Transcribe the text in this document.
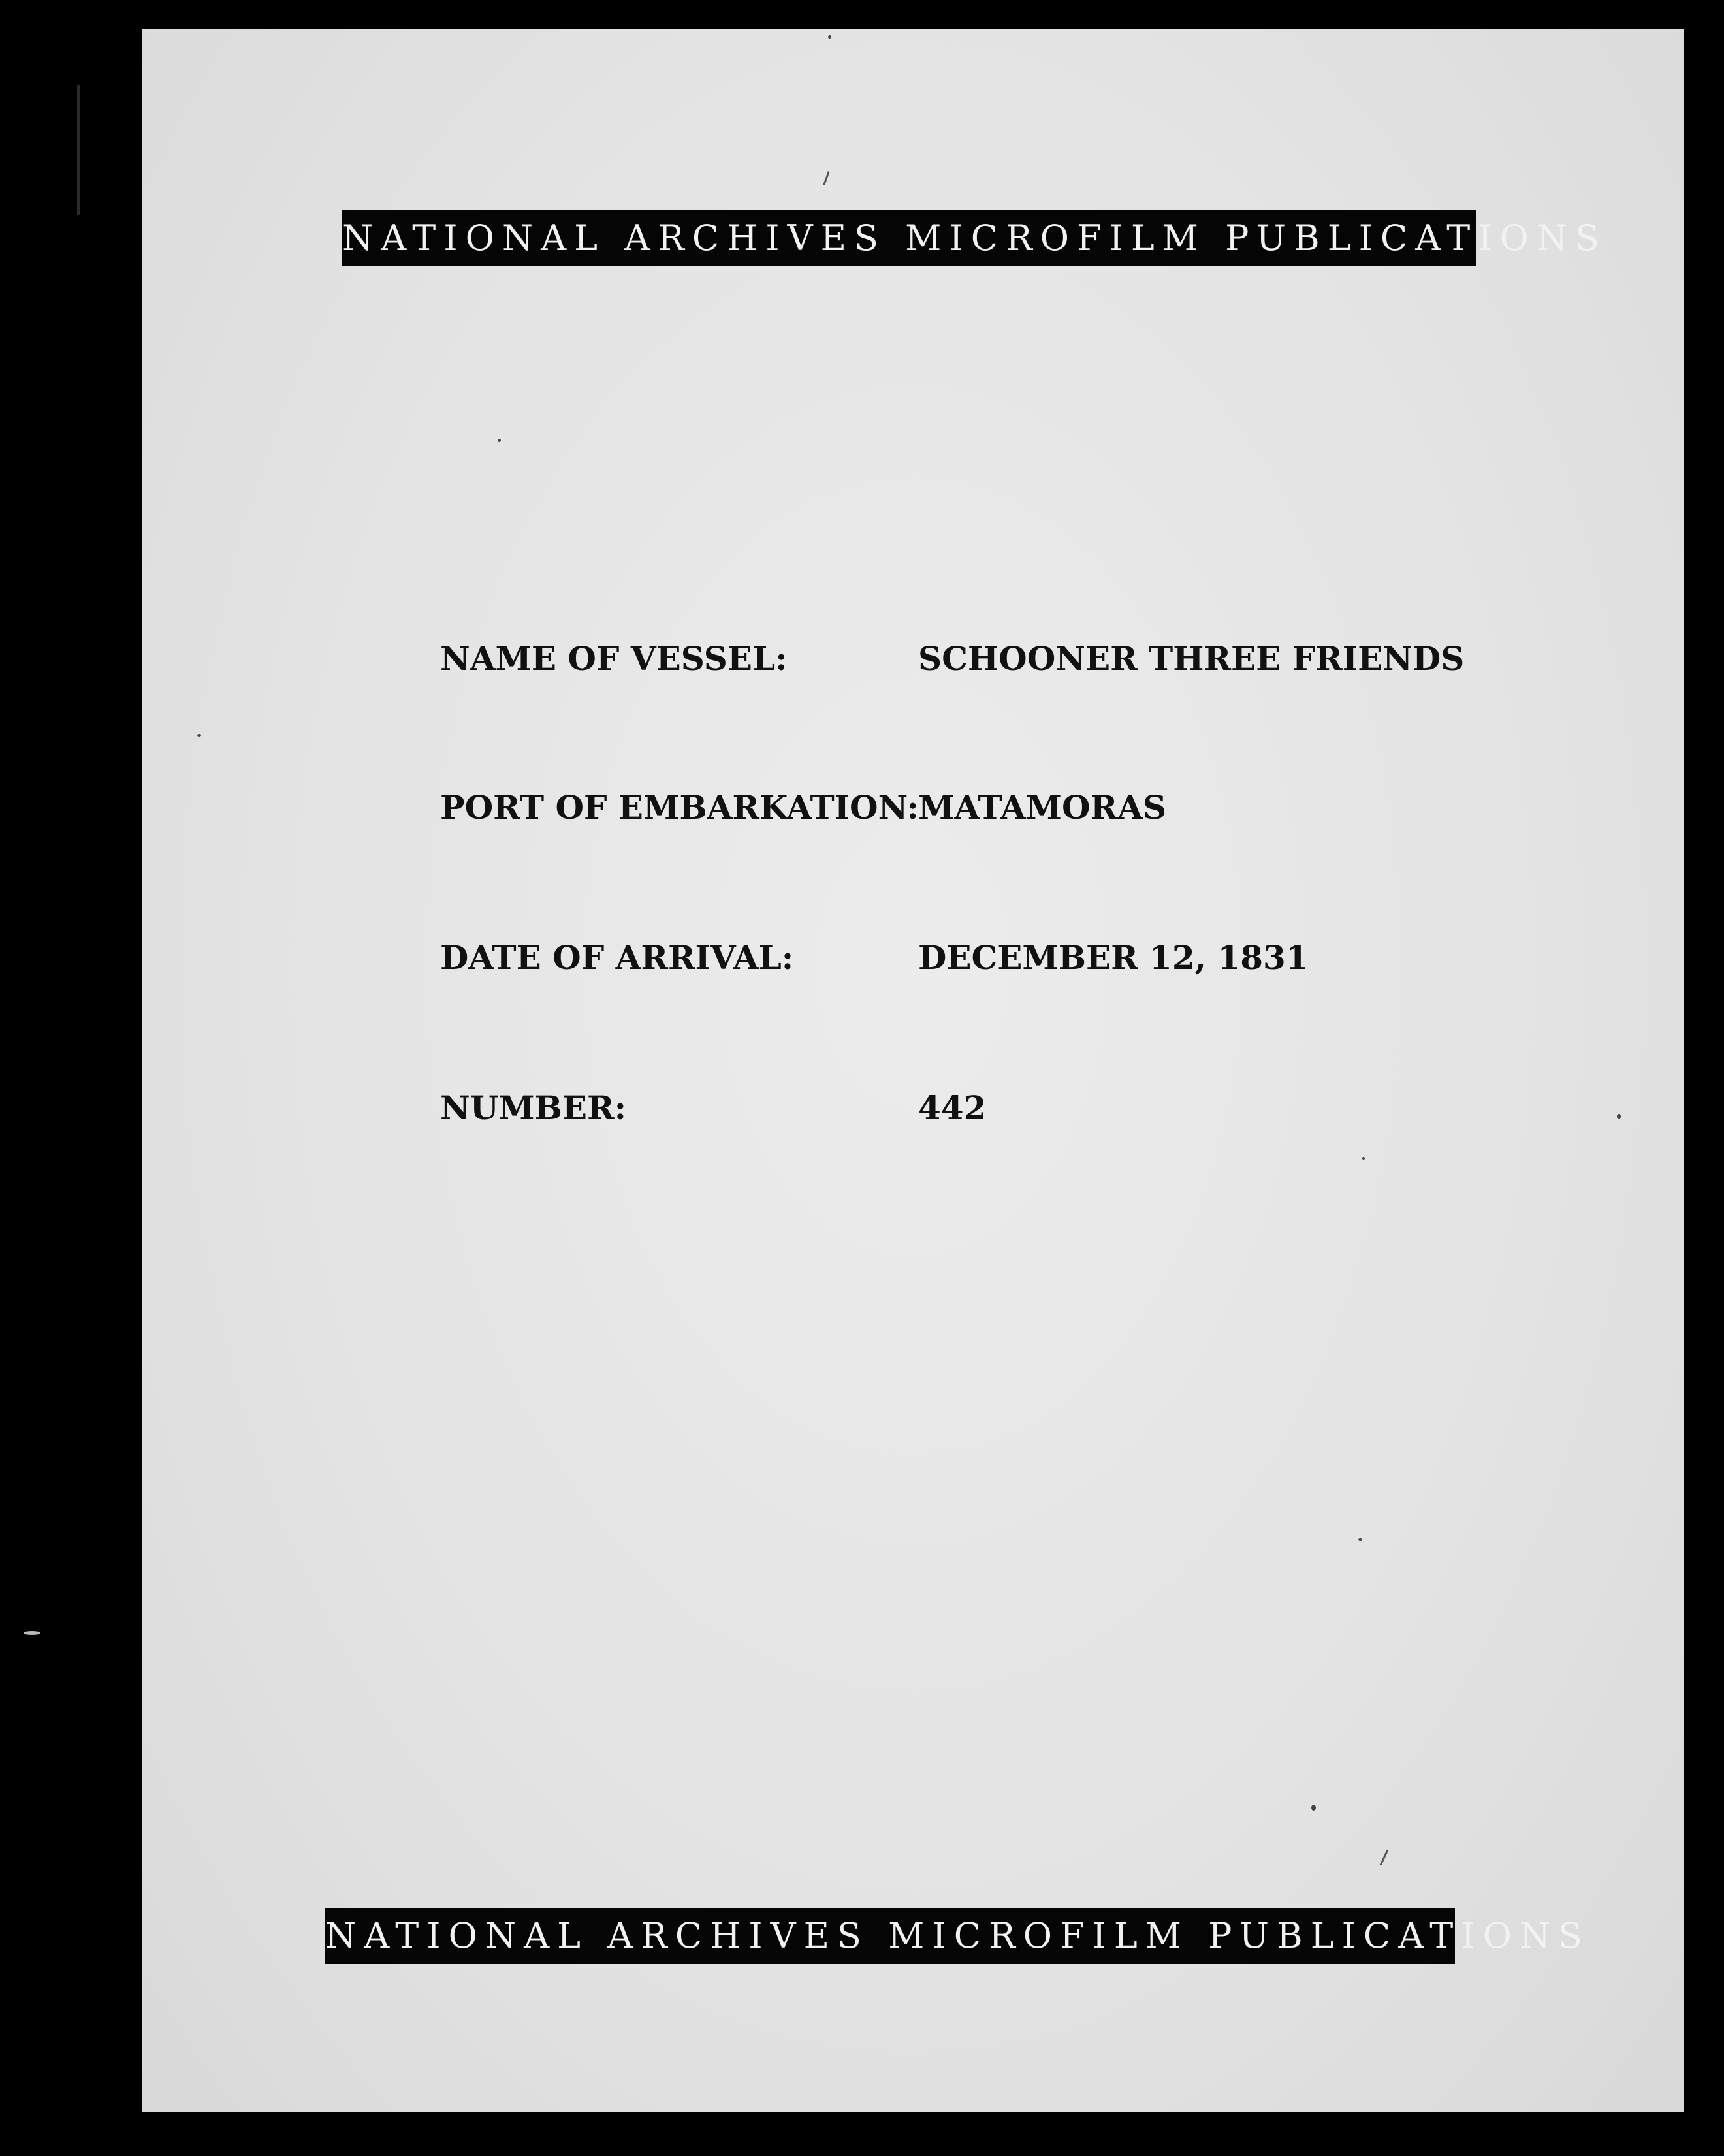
NATIONAL ARCHIVES MICROFILM PUBLICATIONS
NAME OF VESSEL:	SCHOONER THREE FRIENDS
PORT OF EMBARKATION: MATAMORAS
DATE OF ARRIVAL:	DECEMBER 12, 1831
NUMBER:	442
NATIONAL ARCHIVES MICROFILM PUBLICATIONS
